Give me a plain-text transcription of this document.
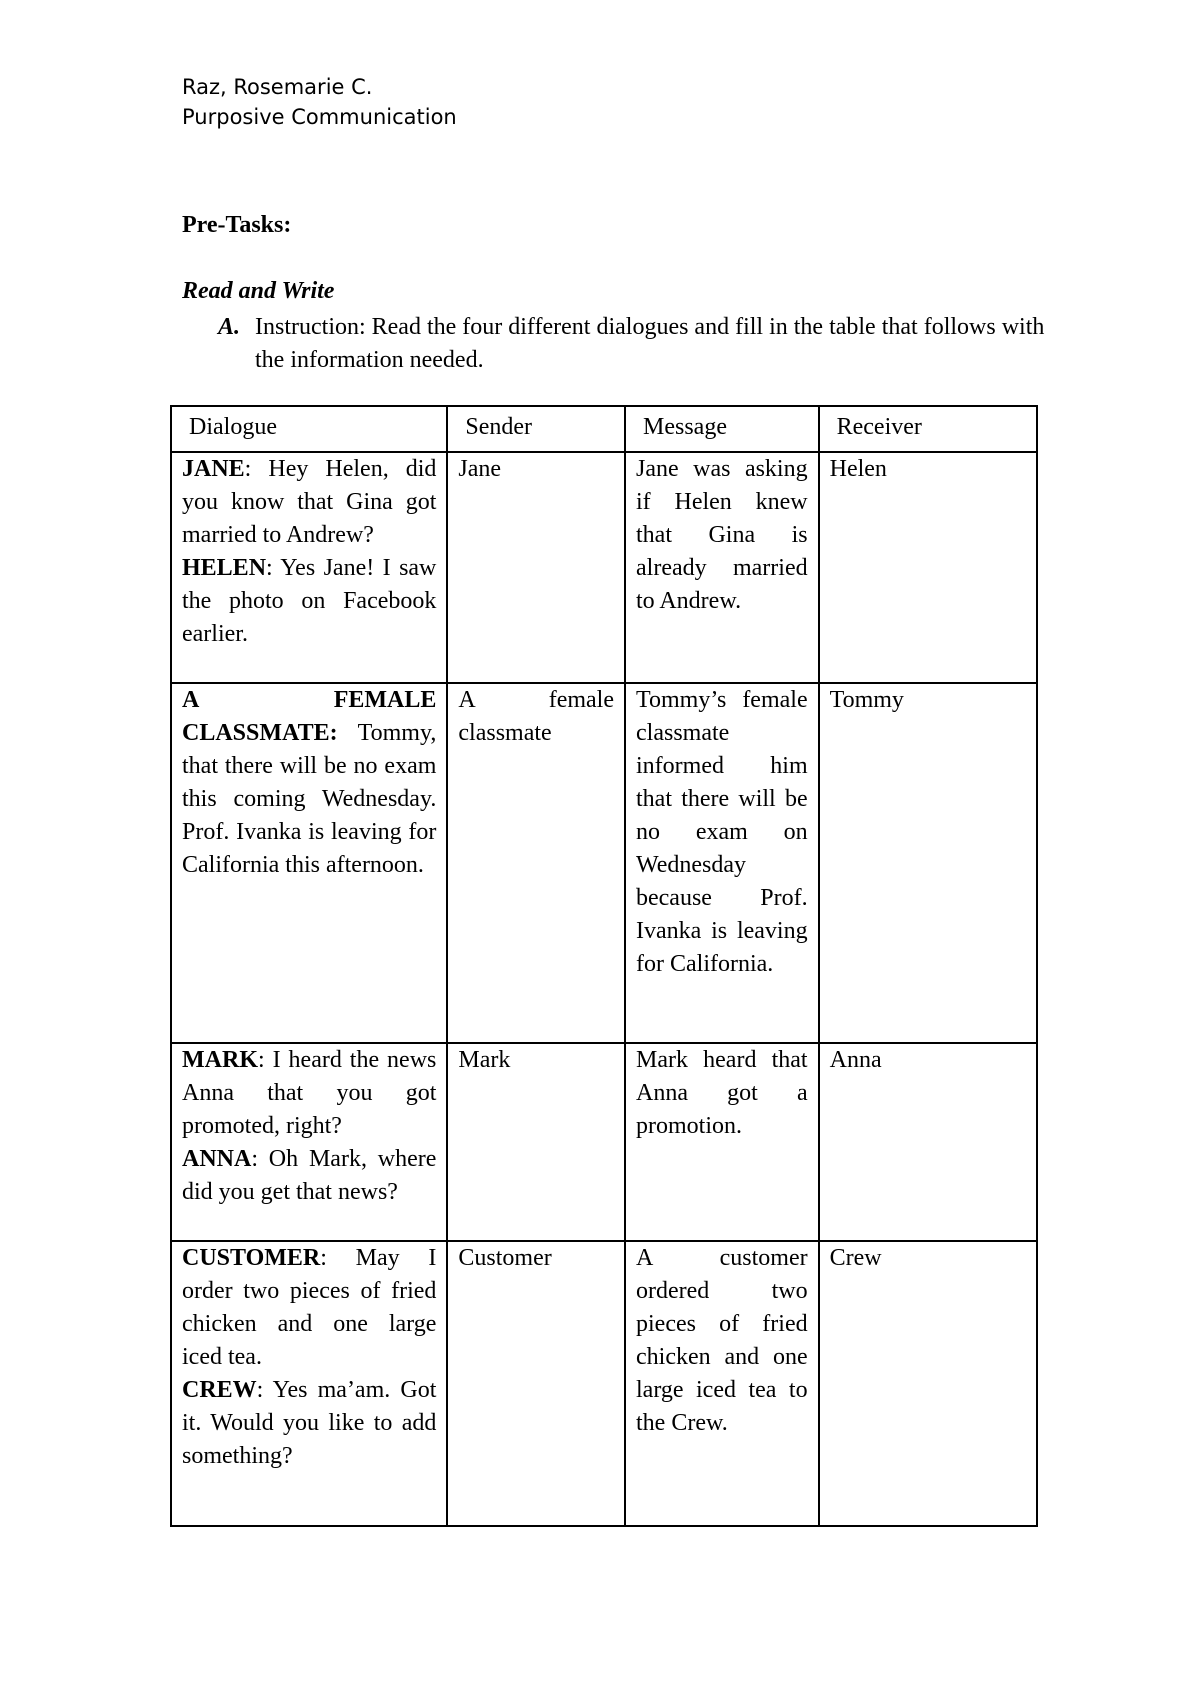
Raz, Rosemarie C.
Purposive Communication
Pre-Tasks:
Read and Write
A. Instruction: Read the four different dialogues and fill in the table that follows with the information needed.
Dialogue	Sender	Message	Receiver

JANE: Hey Helen, did you know that Gina got married to Andrew?
HELEN: Yes Jane! I saw the photo on Facebook earlier.	Jane	Jane was asking if Helen knew that Gina is already married to Andrew.	Helen

A FEMALE CLASSMATE: Tommy, that there will be no exam this coming Wednesday. Prof. Ivanka is leaving for California this afternoon.	A female classmate	Tommy’s female classmate informed him that there will be no exam on Wednesday because Prof. Ivanka is leaving for California.	Tommy

MARK: I heard the news Anna that you got promoted, right?
ANNA: Oh Mark, where did you get that news?	Mark	Mark heard that Anna got a promotion.	Anna

CUSTOMER: May I order two pieces of fried chicken and one large iced tea.
CREW: Yes ma’am. Got it. Would you like to add something?	Customer	A customer ordered two pieces of fried chicken and one large iced tea to the Crew.	Crew
